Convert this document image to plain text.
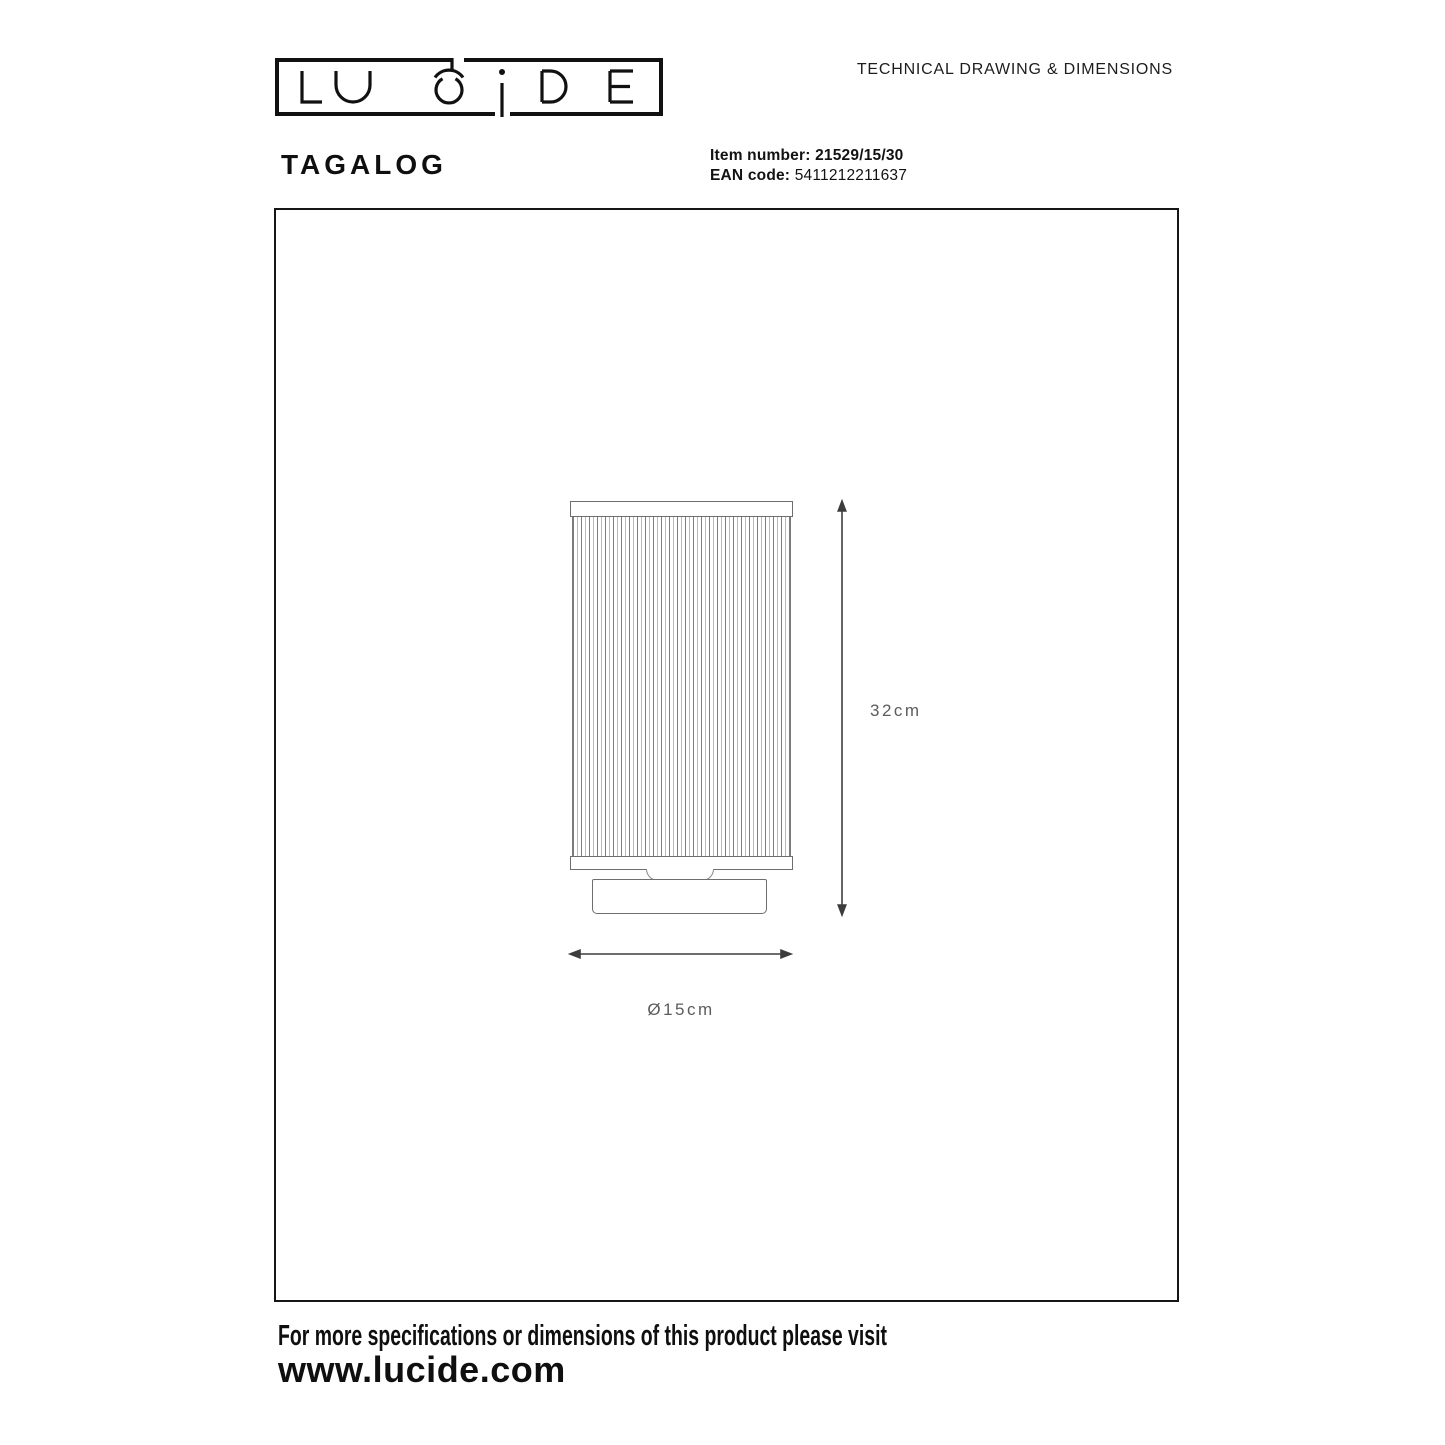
TECHNICAL DRAWING & DIMENSIONS
TAGALOG	Item number: 21529/15/30
EAN code: 5411212211637
32cm
Ø15cm
For more specifications or dimensions of this product please visit
www.lucide.com
